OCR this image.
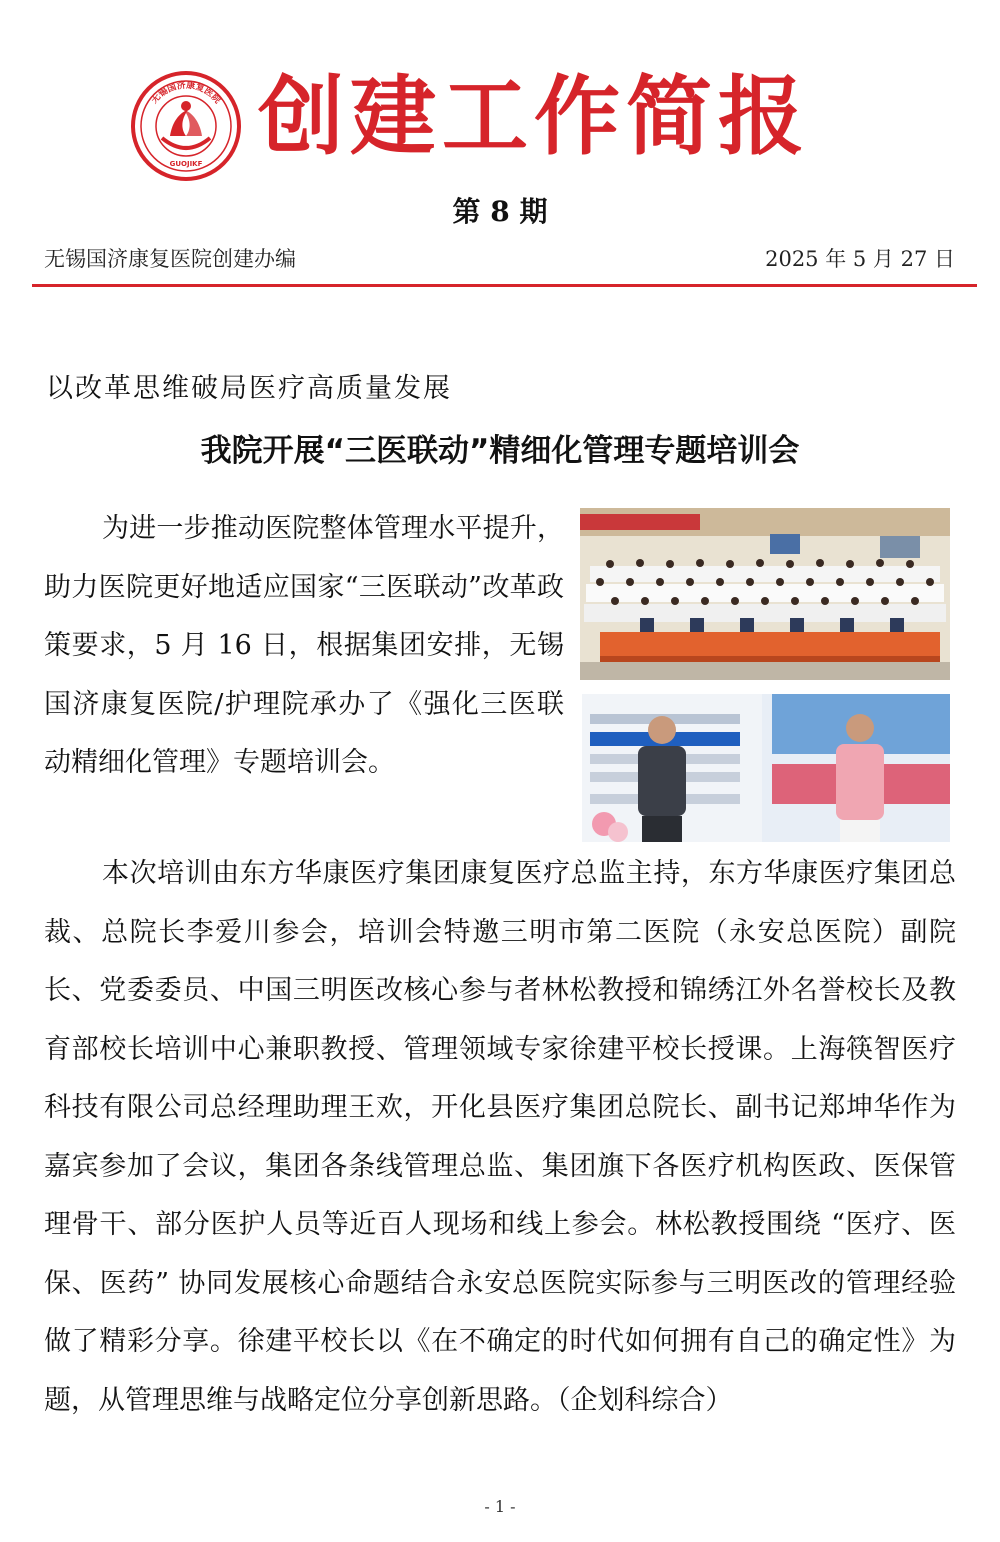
无锡国济康复医院
GUOJIKF 创建工作简报
第 8 期
无锡国济康复医院创建办编	2025 年 5 月 27 日
以改革思维破局医疗高质量发展
我院开展“三医联动”精细化管理专题培训会

为进一步推动医院整体管理水平提升，助力医院更好地适应国家“三医联动”改革政策要求，5 月 16 日，根据集团安排，无锡国济康复医院/护理院承办了《强化三医联动精细化管理》专题培训会。

本次培训由东方华康医疗集团康复医疗总监主持，东方华康医疗集团总裁、总院长李爱川参会，培训会特邀三明市第二医院（永安总医院）副院长、党委委员、中国三明医改核心参与者林松教授和锦绣江外名誉校长及教育部校长培训中心兼职教授、管理领域专家徐建平校长授课。上海筷智医疗科技有限公司总经理助理王欢，开化县医疗集团总院长、副书记郑坤华作为嘉宾参加了会议，集团各条线管理总监、集团旗下各医疗机构医政、医保管理骨干、部分医护人员等近百人现场和线上参会。林松教授围绕 “医疗、医保、医药” 协同发展核心命题结合永安总医院实际参与三明医改的管理经验做了精彩分享。徐建平校长以《在不确定的时代如何拥有自己的确定性》为题，从管理思维与战略定位分享创新思路。（企划科综合）

- 1 -
